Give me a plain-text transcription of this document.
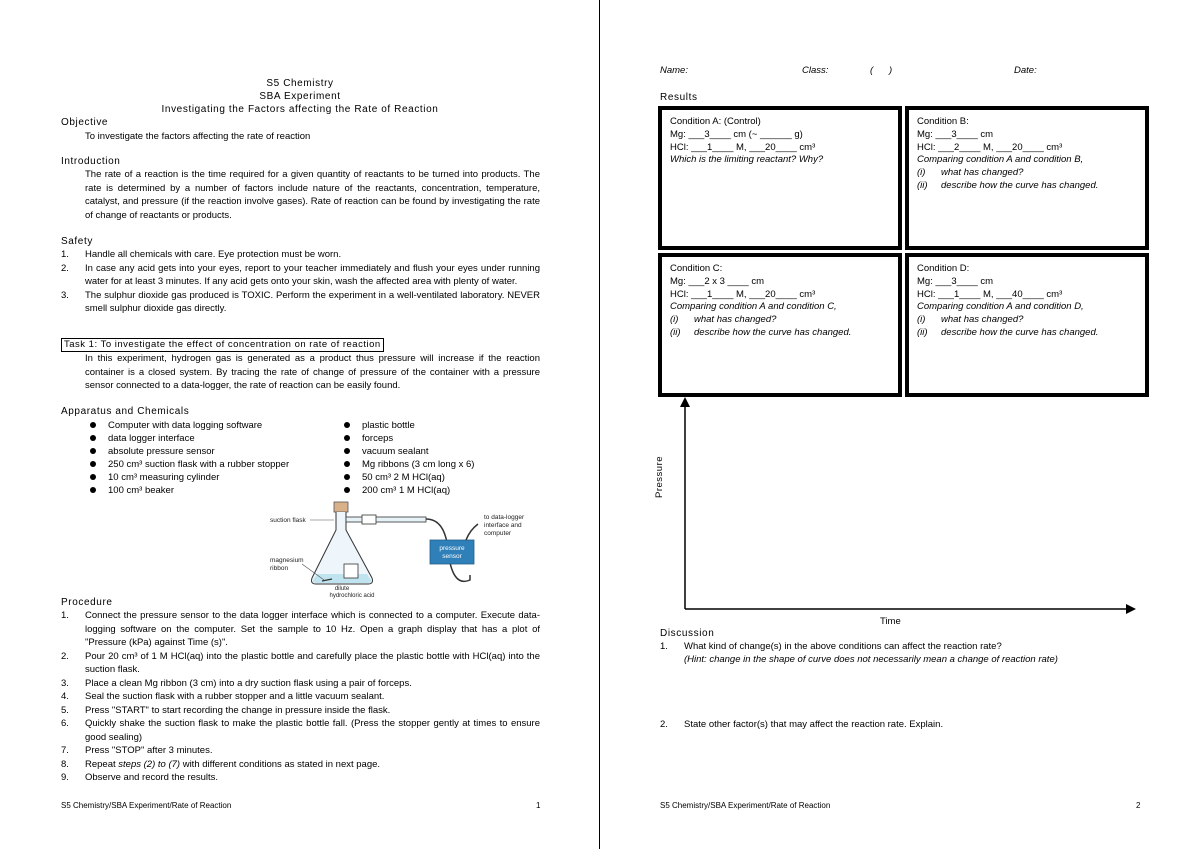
S5 Chemistry
SBA Experiment
Investigating the Factors affecting the Rate of Reaction
Objective
To investigate the factors affecting the rate of reaction
Introduction
The rate of a reaction is the time required for a given quantity of reactants to be turned into products. The rate is determined by a number of factors include nature of the reactants, concentration, temperature, catalyst, and pressure (if the reaction involve gases). Rate of reaction can be found by investigating the rate of change of reactants or products.
Safety
1. Handle all chemicals with care. Eye protection must be worn.
2. In case any acid gets into your eyes, report to your teacher immediately and flush your eyes under running water for at least 3 minutes. If any acid gets onto your skin, wash the affected area with plenty of water.
3. The sulphur dioxide gas produced is TOXIC. Perform the experiment in a well-ventilated laboratory. NEVER smell sulphur dioxide gas directly.
Task 1: To investigate the effect of concentration on rate of reaction
In this experiment, hydrogen gas is generated as a product thus pressure will increase if the reaction container is a closed system. By tracing the rate of change of pressure of the container with a pressure sensor connected to a data-logger, the rate of reaction can be easily found.
Apparatus and Chemicals
Computer with data logging software
data logger interface
absolute pressure sensor
250 cm³ suction flask with a rubber stopper
10 cm³ measuring cylinder
100 cm³ beaker
plastic bottle
forceps
vacuum sealant
Mg ribbons (3 cm long x 6)
50 cm³ 2 M HCl(aq)
200 cm³ 1 M HCl(aq)
pressure
sensor
suction flask
magnesium
ribbon
dilute
to data-logger
interface and
computer
hydrochloric acid
Procedure
1. Connect the pressure sensor to the data logger interface which is connected to a computer. Execute data-logging software on the computer. Set the sample to 10 Hz. Open a graph display that has a plot of "Pressure (kPa) against Time (s)".
2. Pour 20 cm³ of 1 M HCl(aq) into the plastic bottle and carefully place the plastic bottle with HCl(aq) into the suction flask.
3. Place a clean Mg ribbon (3 cm) into a dry suction flask using a pair of forceps.
4. Seal the suction flask with a rubber stopper and a little vacuum sealant.
5. Press "START" to start recording the change in pressure inside the flask.
6. Quickly shake the suction flask to make the plastic bottle fall. (Press the stopper gently at times to ensure good sealing)
7. Press "STOP" after 3 minutes.
8. Repeat steps (2) to (7) with different conditions as stated in next page.
9. Observe and record the results.
S5 Chemistry/SBA Experiment/Rate of Reaction	1
Name:	Class:	(      )	Date:
Results
Condition A: (Control)
Mg: ___3____ cm (~ ______ g)
HCl: ___1____ M, ___20____ cm³
Which is the limiting reactant? Why?
Condition B:
Mg: ___3____ cm
HCl: ___2____ M, ___20____ cm³
Comparing condition A and condition B,
(i) what has changed?
(ii) describe how the curve has changed.
Condition C:
Mg: ___2 x 3 ____ cm
HCl: ___1____ M, ___20____ cm³
Comparing condition A and condition C,
(i) what has changed?
(ii) describe how the curve has changed.
Condition D:
Mg: ___3____ cm
HCl: ___1____ M, ___40____ cm³
Comparing condition A and condition D,
(i) what has changed?
(ii) describe how the curve has changed.
Pressure
Time
Discussion
1. What kind of change(s) in the above conditions can affect the reaction rate?
(Hint: change in the shape of curve does not necessarily mean a change of reaction rate)
2. State other factor(s) that may affect the reaction rate. Explain.
S5 Chemistry/SBA Experiment/Rate of Reaction	2
